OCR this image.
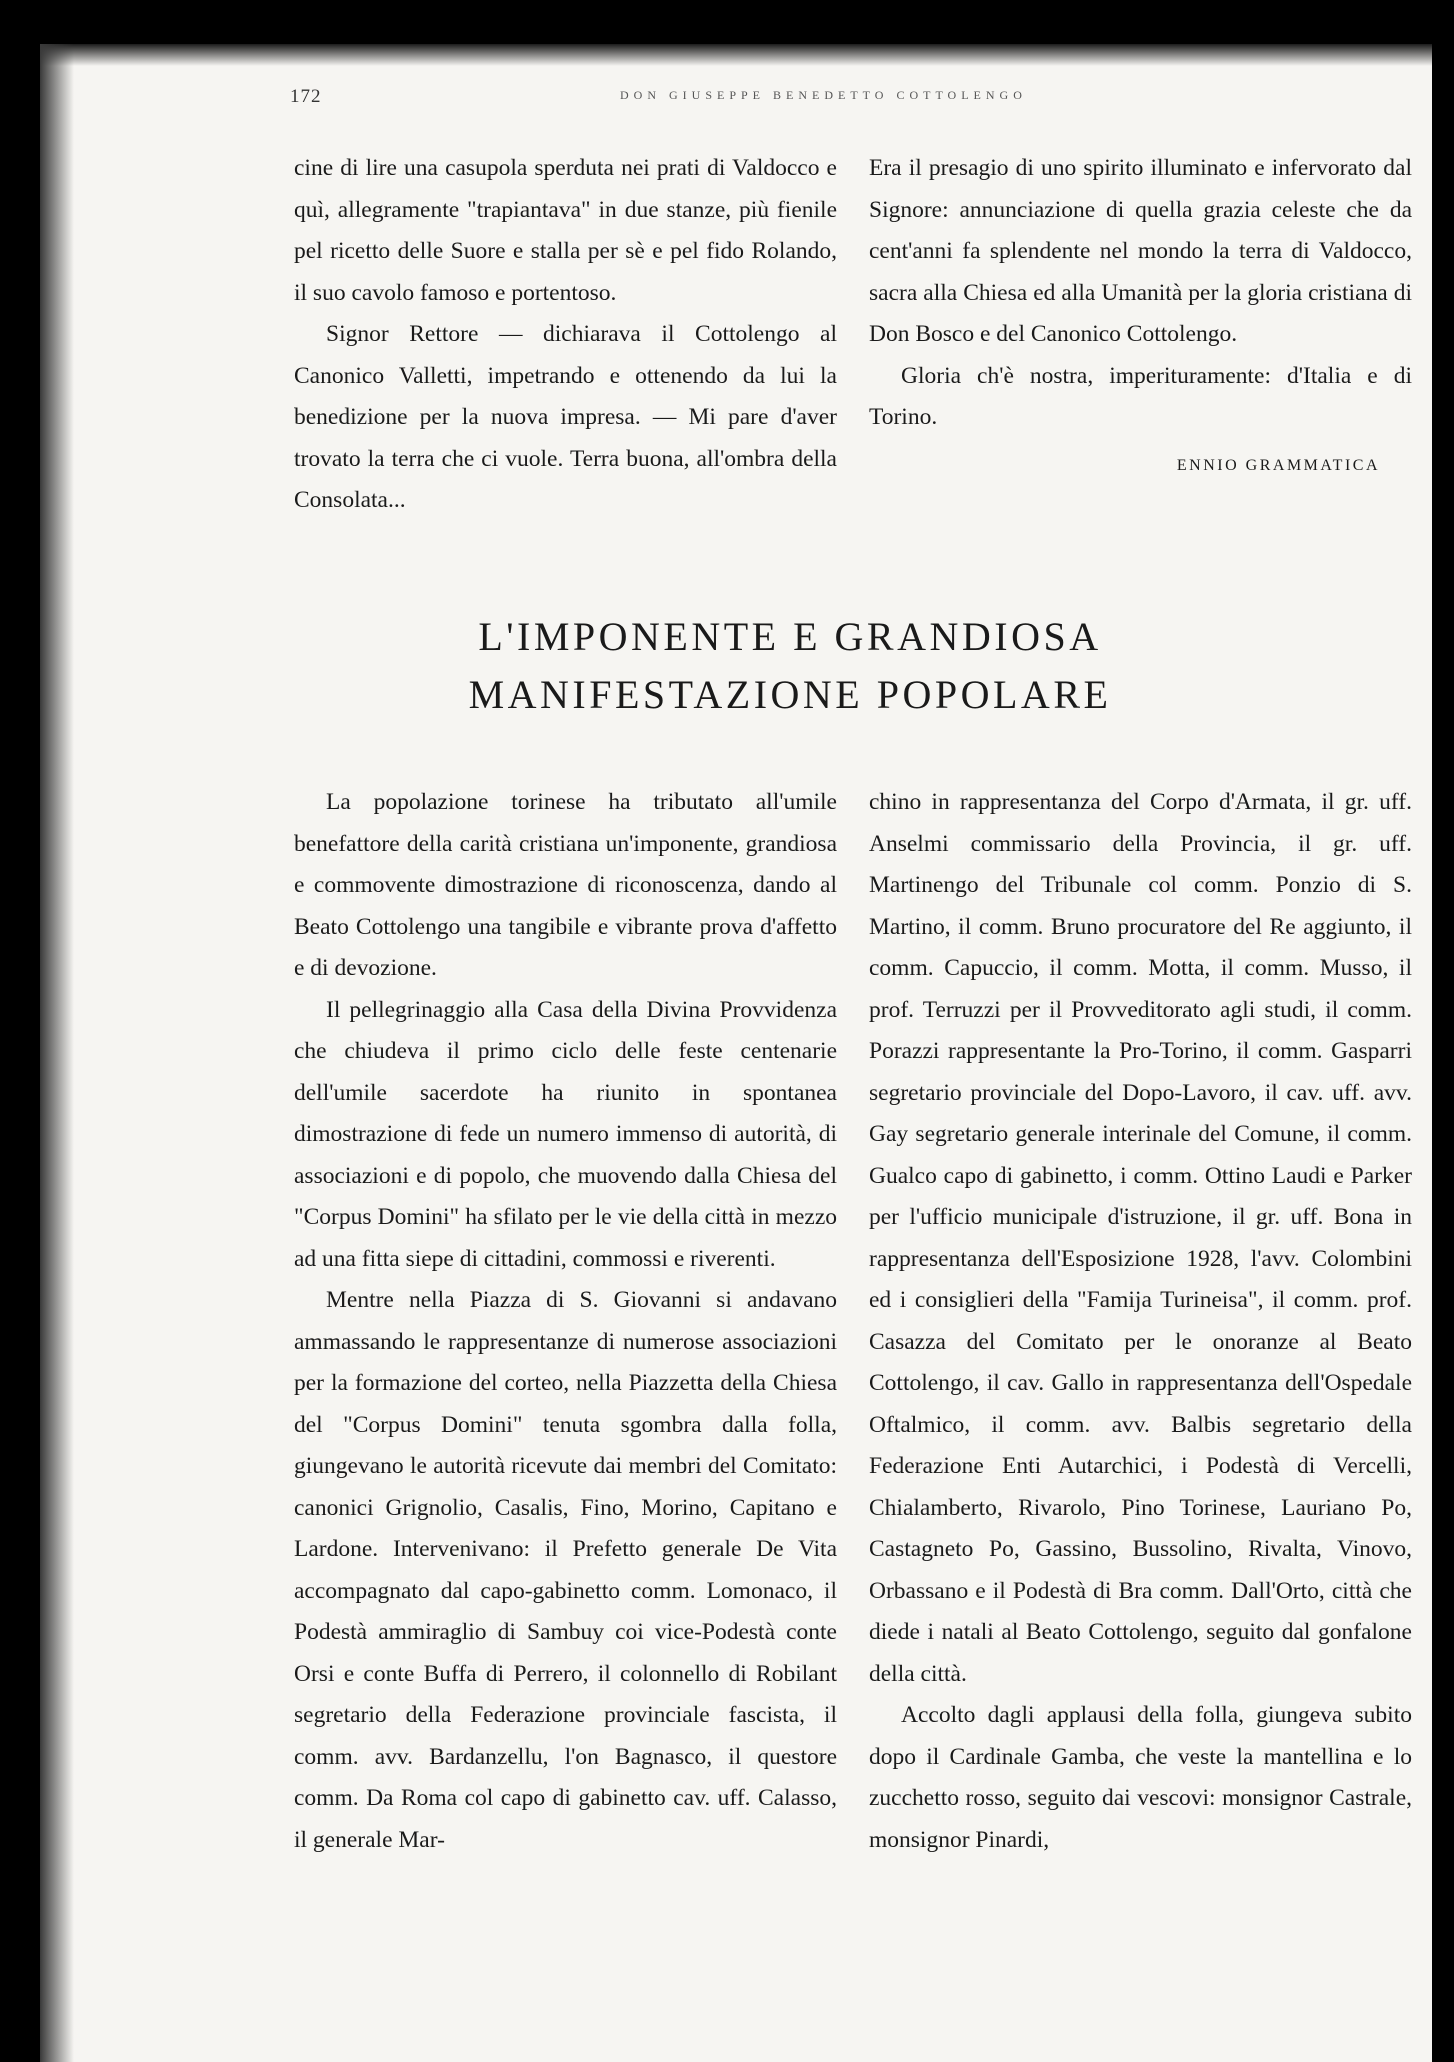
172	DON GIUSEPPE BENEDETTO COTTOLENGO

cine di lire una casupola sperduta nei prati di Valdocco e quì, allegramente "trapiantava" in due stanze, più fienile pel ricetto delle Suore e stalla per sè e pel fido Rolando, il suo cavolo famoso e portentoso.

Signor Rettore — dichiarava il Cottolengo al Canonico Valletti, impetrando e ottenendo da lui la benedizione per la nuova impresa. — Mi pare d'aver trovato la terra che ci vuole. Terra buona, all'ombra della Consolata...

Era il presagio di uno spirito illuminato e infervorato dal Signore: annunciazione di quella grazia celeste che da cent'anni fa splendente nel mondo la terra di Valdocco, sacra alla Chiesa ed alla Umanità per la gloria cristiana di Don Bosco e del Canonico Cottolengo.

Gloria ch'è nostra, imperituramente: d'Italia e di Torino.

ENNIO GRAMMATICA
L'IMPONENTE E GRANDIOSA
MANIFESTAZIONE POPOLARE

La popolazione torinese ha tributato all'umile benefattore della carità cristiana un'imponente, grandiosa e commovente dimostrazione di riconoscenza, dando al Beato Cottolengo una tangibile e vibrante prova d'affetto e di devozione.

Il pellegrinaggio alla Casa della Divina Provvidenza che chiudeva il primo ciclo delle feste centenarie dell'umile sacerdote ha riunito in spontanea dimostrazione di fede un numero immenso di autorità, di associazioni e di popolo, che muovendo dalla Chiesa del "Corpus Domini" ha sfilato per le vie della città in mezzo ad una fitta siepe di cittadini, commossi e riverenti.

Mentre nella Piazza di S. Giovanni si andavano ammassando le rappresentanze di numerose associazioni per la formazione del corteo, nella Piazzetta della Chiesa del "Corpus Domini" tenuta sgombra dalla folla, giungevano le autorità ricevute dai membri del Comitato: canonici Grignolio, Casalis, Fino, Morino, Capitano e Lardone. Intervenivano: il Prefetto generale De Vita accompagnato dal capo-gabinetto comm. Lomonaco, il Podestà ammiraglio di Sambuy coi vice-Podestà conte Orsi e conte Buffa di Perrero, il colonnello di Robilant segretario della Federazione provinciale fascista, il comm. avv. Bardanzellu, l'on Bagnasco, il questore comm. Da Roma col capo di gabinetto cav. uff. Calasso, il generale Mar-

chino in rappresentanza del Corpo d'Armata, il gr. uff. Anselmi commissario della Provincia, il gr. uff. Martinengo del Tribunale col comm. Ponzio di S. Martino, il comm. Bruno procuratore del Re aggiunto, il comm. Capuccio, il comm. Motta, il comm. Musso, il prof. Terruzzi per il Provveditorato agli studi, il comm. Porazzi rappresentante la Pro-Torino, il comm. Gasparri segretario provinciale del Dopo-Lavoro, il cav. uff. avv. Gay segretario generale interinale del Comune, il comm. Gualco capo di gabinetto, i comm. Ottino Laudi e Parker per l'ufficio municipale d'istruzione, il gr. uff. Bona in rappresentanza dell'Esposizione 1928, l'avv. Colombini ed i consiglieri della "Famija Turineisa", il comm. prof. Casazza del Comitato per le onoranze al Beato Cottolengo, il cav. Gallo in rappresentanza dell'Ospedale Oftalmico, il comm. avv. Balbis segretario della Federazione Enti Autarchici, i Podestà di Vercelli, Chialamberto, Rivarolo, Pino Torinese, Lauriano Po, Castagneto Po, Gassino, Bussolino, Rivalta, Vinovo, Orbassano e il Podestà di Bra comm. Dall'Orto, città che diede i natali al Beato Cottolengo, seguito dal gonfalone della città.

Accolto dagli applausi della folla, giungeva subito dopo il Cardinale Gamba, che veste la mantellina e lo zucchetto rosso, seguito dai vescovi: monsignor Castrale, monsignor Pinardi,
